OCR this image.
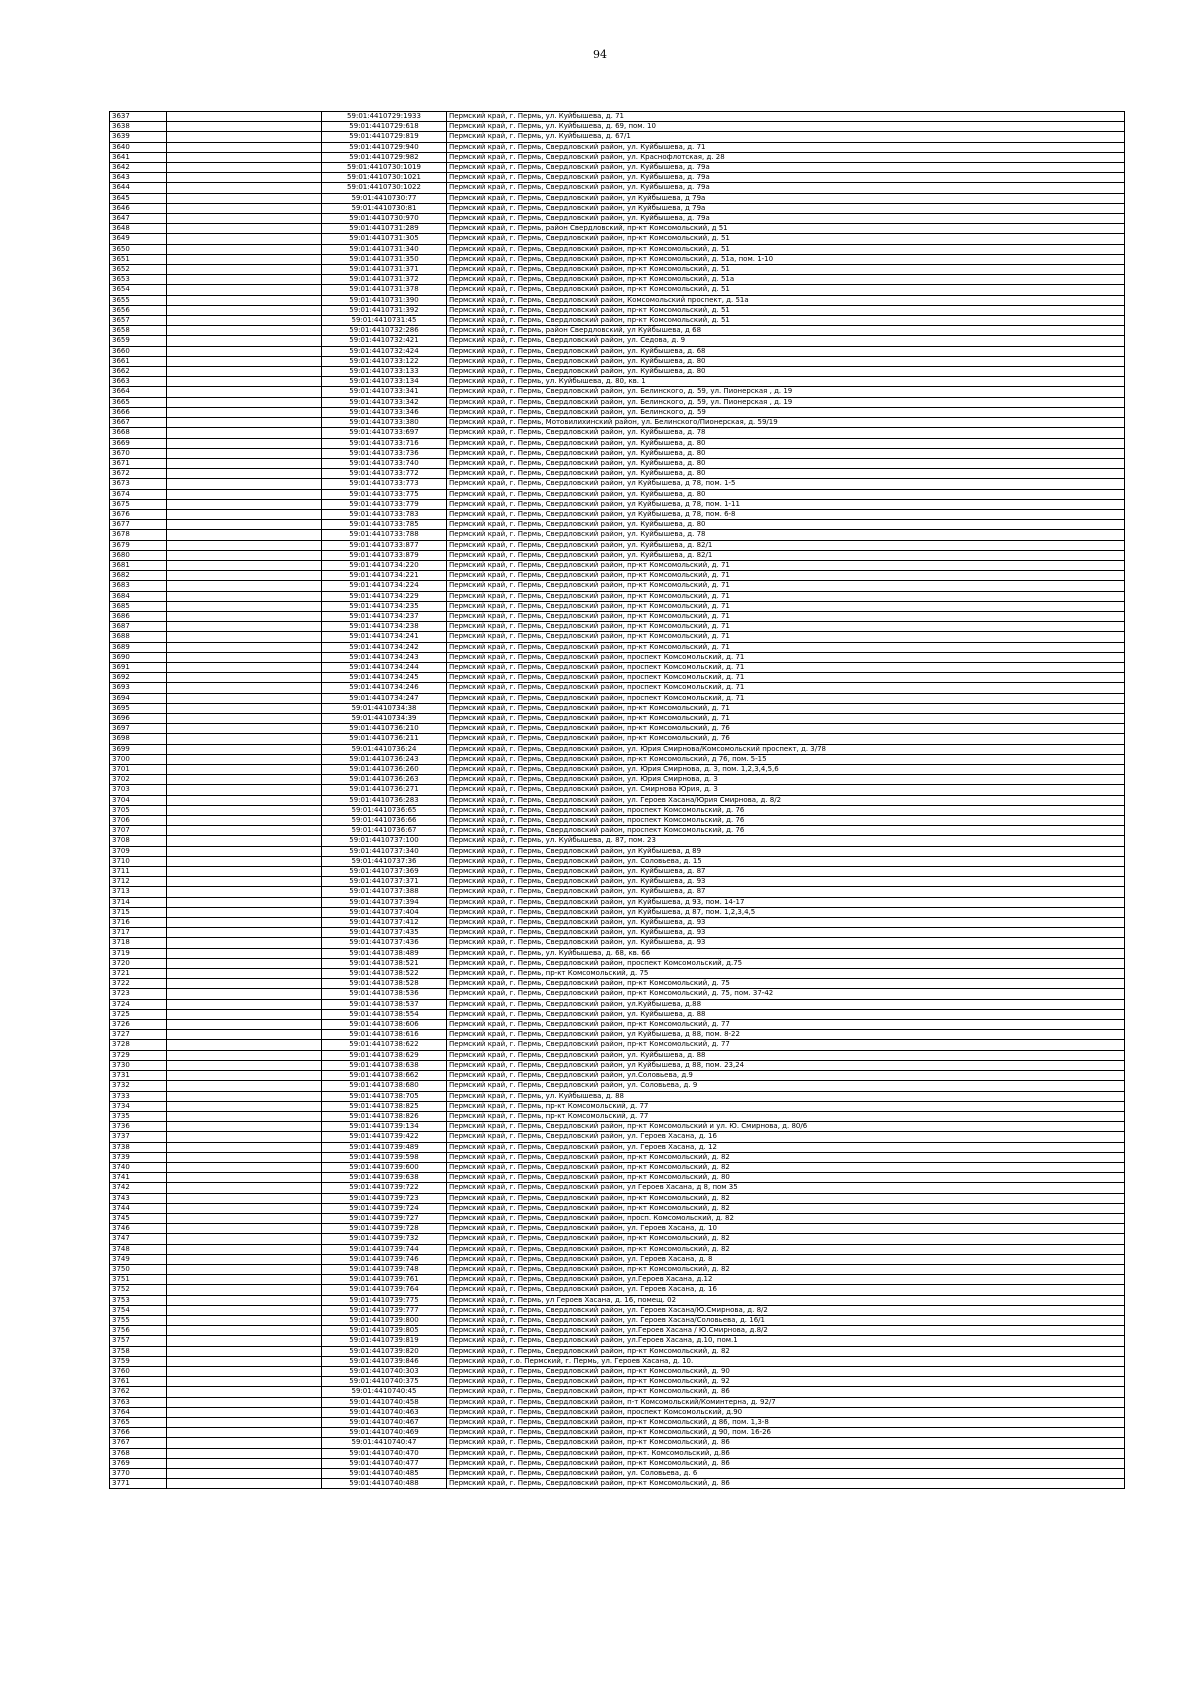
94
3637		59:01:4410729:1933	Пермский край, г. Пермь, ул. Куйбышева, д. 71
3638		59:01:4410729:618	Пермский край, г. Пермь, ул. Куйбышева, д. 69, пом. 10
3639		59:01:4410729:819	Пермский край, г. Пермь, ул. Куйбышева, д. 67/1
3640		59:01:4410729:940	Пермский край, г. Пермь, Свердловский район, ул. Куйбышева, д. 71
3641		59:01:4410729:982	Пермский край, г. Пермь, Свердловский район, ул. Краснофлотская, д. 28
3642		59:01:4410730:1019	Пермский край, г. Пермь, Свердловский район, ул. Куйбышева, д. 79а
3643		59:01:4410730:1021	Пермский край, г. Пермь, Свердловский район, ул. Куйбышева, д. 79а
3644		59:01:4410730:1022	Пермский край, г. Пермь, Свердловский район, ул. Куйбышева, д. 79а
3645		59:01:4410730:77	Пермский край, г. Пермь, Свердловский район, ул Куйбышева, д 79а
3646		59:01:4410730:81	Пермский край, г. Пермь, Свердловский район, ул Куйбышева, д 79а
3647		59:01:4410730:970	Пермский край, г. Пермь, Свердловский район, ул. Куйбышева, д. 79а
3648		59:01:4410731:289	Пермский край, г. Пермь, район Свердловский, пр-кт Комсомольский, д 51
3649		59:01:4410731:305	Пермский край, г. Пермь, Свердловский район, пр-кт Комсомольский, д. 51
3650		59:01:4410731:340	Пермский край, г. Пермь, Свердловский район, пр-кт Комсомольский, д. 51
3651		59:01:4410731:350	Пермский край, г. Пермь, Свердловский район, пр-кт Комсомольский, д. 51а, пом. 1-10
3652		59:01:4410731:371	Пермский край, г. Пермь, Свердловский район, пр-кт Комсомольский, д. 51
3653		59:01:4410731:372	Пермский край, г. Пермь, Свердловский район, пр-кт Комсомольский, д. 51а
3654		59:01:4410731:378	Пермский край, г. Пермь, Свердловский район, пр-кт Комсомольский, д. 51
3655		59:01:4410731:390	Пермский край, г. Пермь, Свердловский район, Комсомольский проспект, д. 51а
3656		59:01:4410731:392	Пермский край, г. Пермь, Свердловский район, пр-кт Комсомольский, д. 51
3657		59:01:4410731:45	Пермский край, г. Пермь, Свердловский район, пр-кт Комсомольский, д. 51
3658		59:01:4410732:286	Пермский край, г. Пермь, район Свердловский, ул Куйбышева, д 68
3659		59:01:4410732:421	Пермский край, г. Пермь, Свердловский район, ул. Седова, д. 9
3660		59:01:4410732:424	Пермский край, г. Пермь, Свердловский район, ул. Куйбышева, д. 68
3661		59:01:4410733:122	Пермский край, г. Пермь, Свердловский район, ул. Куйбышева, д. 80
3662		59:01:4410733:133	Пермский край, г. Пермь, Свердловский район, ул. Куйбышева, д. 80
3663		59:01:4410733:134	Пермский край, г. Пермь, ул. Куйбышева, д. 80, кв. 1
3664		59:01:4410733:341	Пермский край, г. Пермь, Свердловский район, ул. Белинского, д. 59, ул. Пионерская , д. 19
3665		59:01:4410733:342	Пермский край, г. Пермь, Свердловский район, ул. Белинского, д. 59, ул. Пионерская , д. 19
3666		59:01:4410733:346	Пермский край, г. Пермь, Свердловский район, ул. Белинского, д. 59
3667		59:01:4410733:380	Пермский край, г. Пермь, Мотовилихинский район, ул. Белинского/Пионерская, д. 59/19
3668		59:01:4410733:697	Пермский край, г. Пермь, Свердловский район, ул. Куйбышева, д. 78
3669		59:01:4410733:716	Пермский край, г. Пермь, Свердловский район, ул. Куйбышева, д. 80
3670		59:01:4410733:736	Пермский край, г. Пермь, Свердловский район, ул. Куйбышева, д. 80
3671		59:01:4410733:740	Пермский край, г. Пермь, Свердловский район, ул. Куйбышева, д. 80
3672		59:01:4410733:772	Пермский край, г. Пермь, Свердловский район, ул. Куйбышева, д. 80
3673		59:01:4410733:773	Пермский край, г. Пермь, Свердловский район, ул Куйбышева, д 78, пом. 1-5
3674		59:01:4410733:775	Пермский край, г. Пермь, Свердловский район, ул. Куйбышева, д. 80
3675		59:01:4410733:779	Пермский край, г. Пермь, Свердловский район, ул Куйбышева, д 78, пом. 1-11
3676		59:01:4410733:783	Пермский край, г. Пермь, Свердловский район, ул Куйбышева, д 78, пом. 6-8
3677		59:01:4410733:785	Пермский край, г. Пермь, Свердловский район, ул. Куйбышева, д. 80
3678		59:01:4410733:788	Пермский край, г. Пермь, Свердловский район, ул. Куйбышева, д. 78
3679		59:01:4410733:877	Пермский край, г. Пермь, Свердловский район, ул. Куйбышева, д. 82/1
3680		59:01:4410733:879	Пермский край, г. Пермь, Свердловский район, ул. Куйбышева, д. 82/1
3681		59:01:4410734:220	Пермский край, г. Пермь, Свердловский район, пр-кт Комсомольский, д. 71
3682		59:01:4410734:221	Пермский край, г. Пермь, Свердловский район, пр-кт Комсомольский, д. 71
3683		59:01:4410734:224	Пермский край, г. Пермь, Свердловский район, пр-кт Комсомольский, д. 71
3684		59:01:4410734:229	Пермский край, г. Пермь, Свердловский район, пр-кт Комсомольский, д. 71
3685		59:01:4410734:235	Пермский край, г. Пермь, Свердловский район, пр-кт Комсомольский, д. 71
3686		59:01:4410734:237	Пермский край, г. Пермь, Свердловский район, пр-кт Комсомольский, д. 71
3687		59:01:4410734:238	Пермский край, г. Пермь, Свердловский район, пр-кт Комсомольский, д. 71
3688		59:01:4410734:241	Пермский край, г. Пермь, Свердловский район, пр-кт Комсомольский, д. 71
3689		59:01:4410734:242	Пермский край, г. Пермь, Свердловский район, пр-кт Комсомольский, д. 71
3690		59:01:4410734:243	Пермский край, г. Пермь, Свердловский район, проспект Комсомольский, д. 71
3691		59:01:4410734:244	Пермский край, г. Пермь, Свердловский район, проспект Комсомольский, д. 71
3692		59:01:4410734:245	Пермский край, г. Пермь, Свердловский район, проспект Комсомольский, д. 71
3693		59:01:4410734:246	Пермский край, г. Пермь, Свердловский район, проспект Комсомольский, д. 71
3694		59:01:4410734:247	Пермский край, г. Пермь, Свердловский район, проспект Комсомольский, д. 71
3695		59:01:4410734:38	Пермский край, г. Пермь, Свердловский район, пр-кт Комсомольский, д. 71
3696		59:01:4410734:39	Пермский край, г. Пермь, Свердловский район, пр-кт Комсомольский, д. 71
3697		59:01:4410736:210	Пермский край, г. Пермь, Свердловский район, пр-кт Комсомольский, д. 76
3698		59:01:4410736:211	Пермский край, г. Пермь, Свердловский район, пр-кт Комсомольский, д. 76
3699		59:01:4410736:24	Пермский край, г. Пермь, Свердловский район, ул. Юрия Смирнова/Комсомольский проспект, д. 3/78
3700		59:01:4410736:243	Пермский край, г. Пермь, Свердловский район, пр-кт Комсомольский, д 76, пом. 5-15
3701		59:01:4410736:260	Пермский край, г. Пермь, Свердловский район, ул. Юрия Смирнова, д. 3, пом. 1,2,3,4,5,6
3702		59:01:4410736:263	Пермский край, г. Пермь, Свердловский район, ул. Юрия Смирнова, д. 3
3703		59:01:4410736:271	Пермский край, г. Пермь, Свердловский район, ул. Смирнова Юрия, д. 3
3704		59:01:4410736:283	Пермский край, г. Пермь, Свердловский район, ул. Героев Хасана/Юрия Смирнова, д. 8/2
3705		59:01:4410736:65	Пермский край, г. Пермь, Свердловский район, проспект Комсомольский, д. 76
3706		59:01:4410736:66	Пермский край, г. Пермь, Свердловский район, проспект Комсомольский, д. 76
3707		59:01:4410736:67	Пермский край, г. Пермь, Свердловский район, проспект Комсомольский, д. 76
3708		59:01:4410737:100	Пермский край, г. Пермь, ул. Куйбышева, д. 87, пом. 23
3709		59:01:4410737:340	Пермский край, г. Пермь, Свердловский район, ул Куйбышева, д 89
3710		59:01:4410737:36	Пермский край, г. Пермь, Свердловский район, ул. Соловьева, д. 15
3711		59:01:4410737:369	Пермский край, г. Пермь, Свердловский район, ул. Куйбышева, д. 87
3712		59:01:4410737:371	Пермский край, г. Пермь, Свердловский район, ул. Куйбышева, д. 93
3713		59:01:4410737:388	Пермский край, г. Пермь, Свердловский район, ул. Куйбышева, д. 87
3714		59:01:4410737:394	Пермский край, г. Пермь, Свердловский район, ул Куйбышева, д 93, пом. 14-17
3715		59:01:4410737:404	Пермский край, г. Пермь, Свердловский район, ул Куйбышева, д 87, пом. 1,2,3,4,5
3716		59:01:4410737:412	Пермский край, г. Пермь, Свердловский район, ул. Куйбышева, д. 93
3717		59:01:4410737:435	Пермский край, г. Пермь, Свердловский район, ул. Куйбышева, д. 93
3718		59:01:4410737:436	Пермский край, г. Пермь, Свердловский район, ул. Куйбышева, д. 93
3719		59:01:4410738:489	Пермский край, г. Пермь, ул. Куйбышева, д. 68, кв. 66
3720		59:01:4410738:521	Пермский край, г. Пермь, Свердловский район, проспект Комсомольский, д.75
3721		59:01:4410738:522	Пермский край, г. Пермь, пр-кт Комсомольский, д. 75
3722		59:01:4410738:528	Пермский край, г. Пермь, Свердловский район, пр-кт Комсомольский, д. 75
3723		59:01:4410738:536	Пермский край, г. Пермь, Свердловский район, пр-кт Комсомольский, д. 75, пом. 37-42
3724		59:01:4410738:537	Пермский край, г. Пермь, Свердловский район, ул.Куйбышева, д.88
3725		59:01:4410738:554	Пермский край, г. Пермь, Свердловский район, ул. Куйбышева, д. 88
3726		59:01:4410738:606	Пермский край, г. Пермь, Свердловский район, пр-кт Комсомольский, д. 77
3727		59:01:4410738:616	Пермский край, г. Пермь, Свердловский район, ул Куйбышева, д 88, пом. 8-22
3728		59:01:4410738:622	Пермский край, г. Пермь, Свердловский район, пр-кт Комсомольский, д. 77
3729		59:01:4410738:629	Пермский край, г. Пермь, Свердловский район, ул. Куйбышева, д. 88
3730		59:01:4410738:638	Пермский край, г. Пермь, Свердловский район, ул Куйбышева, д 88, пом. 23,24
3731		59:01:4410738:662	Пермский край, г. Пермь, Свердловский район, ул.Соловьева, д.9
3732		59:01:4410738:680	Пермский край, г. Пермь, Свердловский район, ул. Соловьева, д. 9
3733		59:01:4410738:705	Пермский край, г. Пермь, ул. Куйбышева, д. 88
3734		59:01:4410738:825	Пермский край, г. Пермь, пр-кт Комсомольский, д. 77
3735		59:01:4410738:826	Пермский край, г. Пермь, пр-кт Комсомольский, д. 77
3736		59:01:4410739:134	Пермский край, г. Пермь, Свердловский район, пр-кт Комсомольский и ул. Ю. Смирнова, д. 80/6
3737		59:01:4410739:422	Пермский край, г. Пермь, Свердловский район, ул. Героев Хасана, д. 16
3738		59:01:4410739:489	Пермский край, г. Пермь, Свердловский район, ул. Героев Хасана, д. 12
3739		59:01:4410739:598	Пермский край, г. Пермь, Свердловский район, пр-кт Комсомольский, д. 82
3740		59:01:4410739:600	Пермский край, г. Пермь, Свердловский район, пр-кт Комсомольский, д. 82
3741		59:01:4410739:638	Пермский край, г. Пермь, Свердловский район, пр-кт Комсомольский, д. 80
3742		59:01:4410739:722	Пермский край, г. Пермь, Свердловский район, ул Героев Хасана, д 8, пом 35
3743		59:01:4410739:723	Пермский край, г. Пермь, Свердловский район, пр-кт Комсомольский, д. 82
3744		59:01:4410739:724	Пермский край, г. Пермь, Свердловский район, пр-кт Комсомольский, д. 82
3745		59:01:4410739:727	Пермский край, г. Пермь, Свердловский район, просп. Комсомольский, д. 82
3746		59:01:4410739:728	Пермский край, г. Пермь, Свердловский район, ул. Героев Хасана, д. 10
3747		59:01:4410739:732	Пермский край, г. Пермь, Свердловский район, пр-кт Комсомольский, д. 82
3748		59:01:4410739:744	Пермский край, г. Пермь, Свердловский район, пр-кт Комсомольский, д. 82
3749		59:01:4410739:746	Пермский край, г. Пермь, Свердловский район, ул. Героев Хасана, д. 8
3750		59:01:4410739:748	Пермский край, г. Пермь, Свердловский район, пр-кт Комсомольский, д. 82
3751		59:01:4410739:761	Пермский край, г. Пермь, Свердловский район, ул.Героев Хасана, д.12
3752		59:01:4410739:764	Пермский край, г. Пермь, Свердловский район, ул. Героев Хасана, д. 16
3753		59:01:4410739:775	Пермский край, г. Пермь, ул Героев Хасана, д. 16, помещ. 02
3754		59:01:4410739:777	Пермский край, г. Пермь, Свердловский район, ул. Героев Хасана/Ю.Смирнова, д. 8/2
3755		59:01:4410739:800	Пермский край, г. Пермь, Свердловский район, ул. Героев Хасана/Соловьева, д. 16/1
3756		59:01:4410739:805	Пермский край, г. Пермь, Свердловский район, ул.Героев Хасана / Ю.Смирнова, д.8/2
3757		59:01:4410739:819	Пермский край, г. Пермь, Свердловский район, ул.Героев Хасана, д.10, пом.1
3758		59:01:4410739:820	Пермский край, г. Пермь, Свердловский район, пр-кт Комсомольский, д. 82
3759		59:01:4410739:846	Пермский край, г.о. Пермский, г. Пермь, ул. Героев Хасана, д. 10.
3760		59:01:4410740:303	Пермский край, г. Пермь, Свердловский район, пр-кт Комсомольский, д. 90
3761		59:01:4410740:375	Пермский край, г. Пермь, Свердловский район, пр-кт Комсомольский, д. 92
3762		59:01:4410740:45	Пермский край, г. Пермь, Свердловский район, пр-кт Комсомольский, д. 86
3763		59:01:4410740:458	Пермский край, г. Пермь, Свердловский район, п-т Комсомольский/Коминтерна, д. 92/7
3764		59:01:4410740:463	Пермский край, г. Пермь, Свердловский район, проспект Комсомольский, д.90
3765		59:01:4410740:467	Пермский край, г. Пермь, Свердловский район, пр-кт Комсомольский, д 86, пом. 1,3-8
3766		59:01:4410740:469	Пермский край, г. Пермь, Свердловский район, пр-кт Комсомольский, д 90, пом. 16-26
3767		59:01:4410740:47	Пермский край, г. Пермь, Свердловский район, пр-кт Комсомольский, д. 86
3768		59:01:4410740:470	Пермский край, г. Пермь, Свердловский район, пр-кт. Комсомольский, д.86
3769		59:01:4410740:477	Пермский край, г. Пермь, Свердловский район, пр-кт Комсомольский, д. 86
3770		59:01:4410740:485	Пермский край, г. Пермь, Свердловский район, ул. Соловьева, д. 6
3771		59:01:4410740:488	Пермский край, г. Пермь, Свердловский район, пр-кт Комсомольский, д. 86
